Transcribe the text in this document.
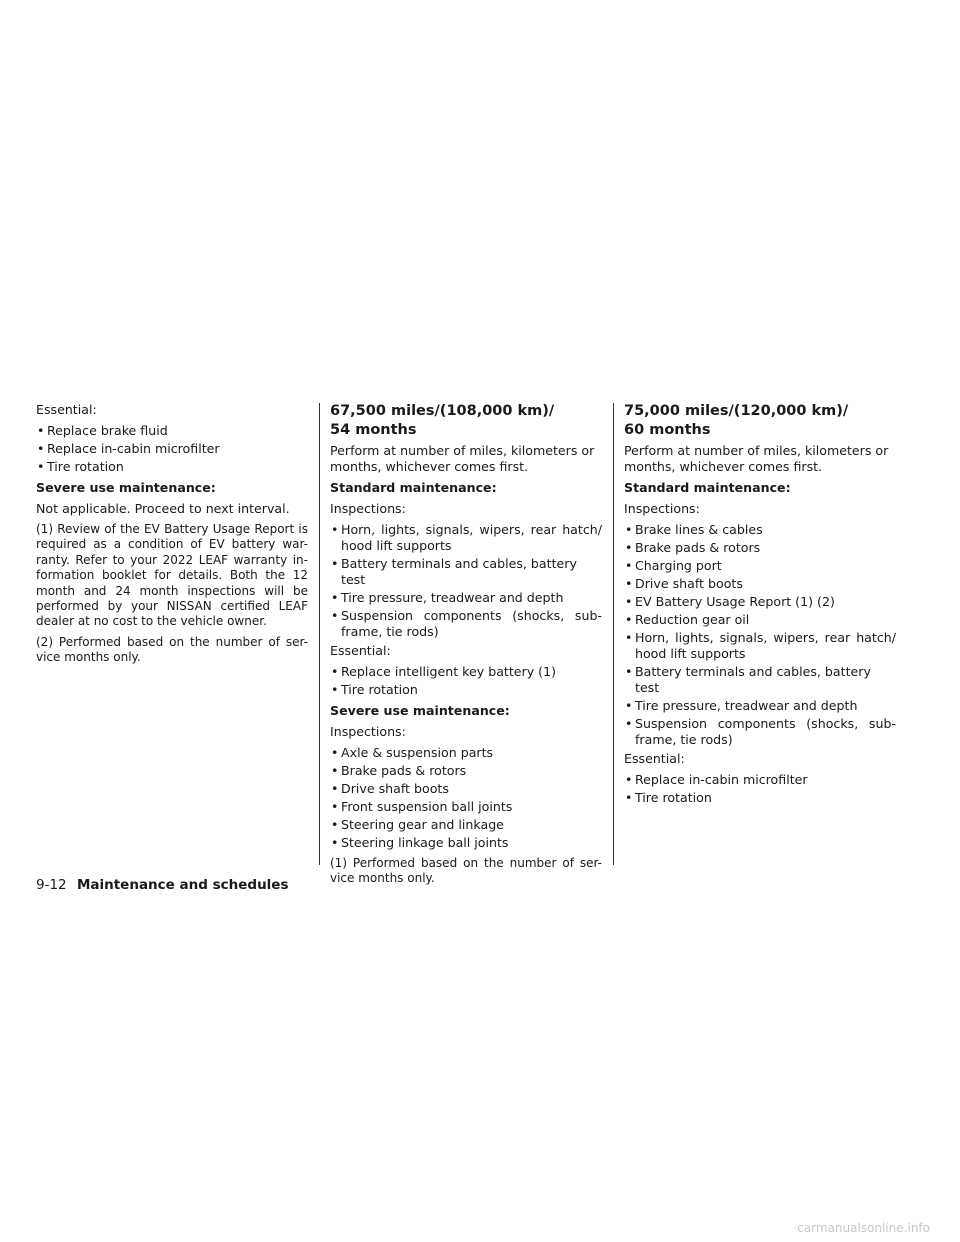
Essential:

• Replace brake fluid
• Replace in-cabin microfilter
• Tire rotation

Severe use maintenance:

Not applicable. Proceed to next interval.

(1) Review of the EV Battery Usage Report is required as a condition of EV battery war- ranty. Refer to your 2022 LEAF warranty in- formation booklet for details. Both the 12 month and 24 month inspections will be performed by your NISSAN certified LEAF dealer at no cost to the vehicle owner.

(2) Performed based on the number of ser- vice months only.

67,500 miles/(108,000 km)/
54 months

Perform at number of miles, kilometers or months, whichever comes first.

Standard maintenance:

Inspections:

• Horn, lights, signals, wipers, rear hatch/ hood lift supports
• Battery terminals and cables, battery test
• Tire pressure, treadwear and depth
• Suspension components (shocks, sub- frame, tie rods)

Essential:

• Replace intelligent key battery (1)
• Tire rotation

Severe use maintenance:

Inspections:

• Axle & suspension parts
• Brake pads & rotors
• Drive shaft boots
• Front suspension ball joints
• Steering gear and linkage
• Steering linkage ball joints

(1) Performed based on the number of ser- vice months only.

75,000 miles/(120,000 km)/
60 months

Perform at number of miles, kilometers or months, whichever comes first.

Standard maintenance:

Inspections:

• Brake lines & cables
• Brake pads & rotors
• Charging port
• Drive shaft boots
• EV Battery Usage Report (1) (2)
• Reduction gear oil
• Horn, lights, signals, wipers, rear hatch/ hood lift supports
• Battery terminals and cables, battery test
• Tire pressure, treadwear and depth
• Suspension components (shocks, sub- frame, tie rods)

Essential:

• Replace in-cabin microfilter
• Tire rotation
9-12 Maintenance and schedules
carmanualsonline.info
